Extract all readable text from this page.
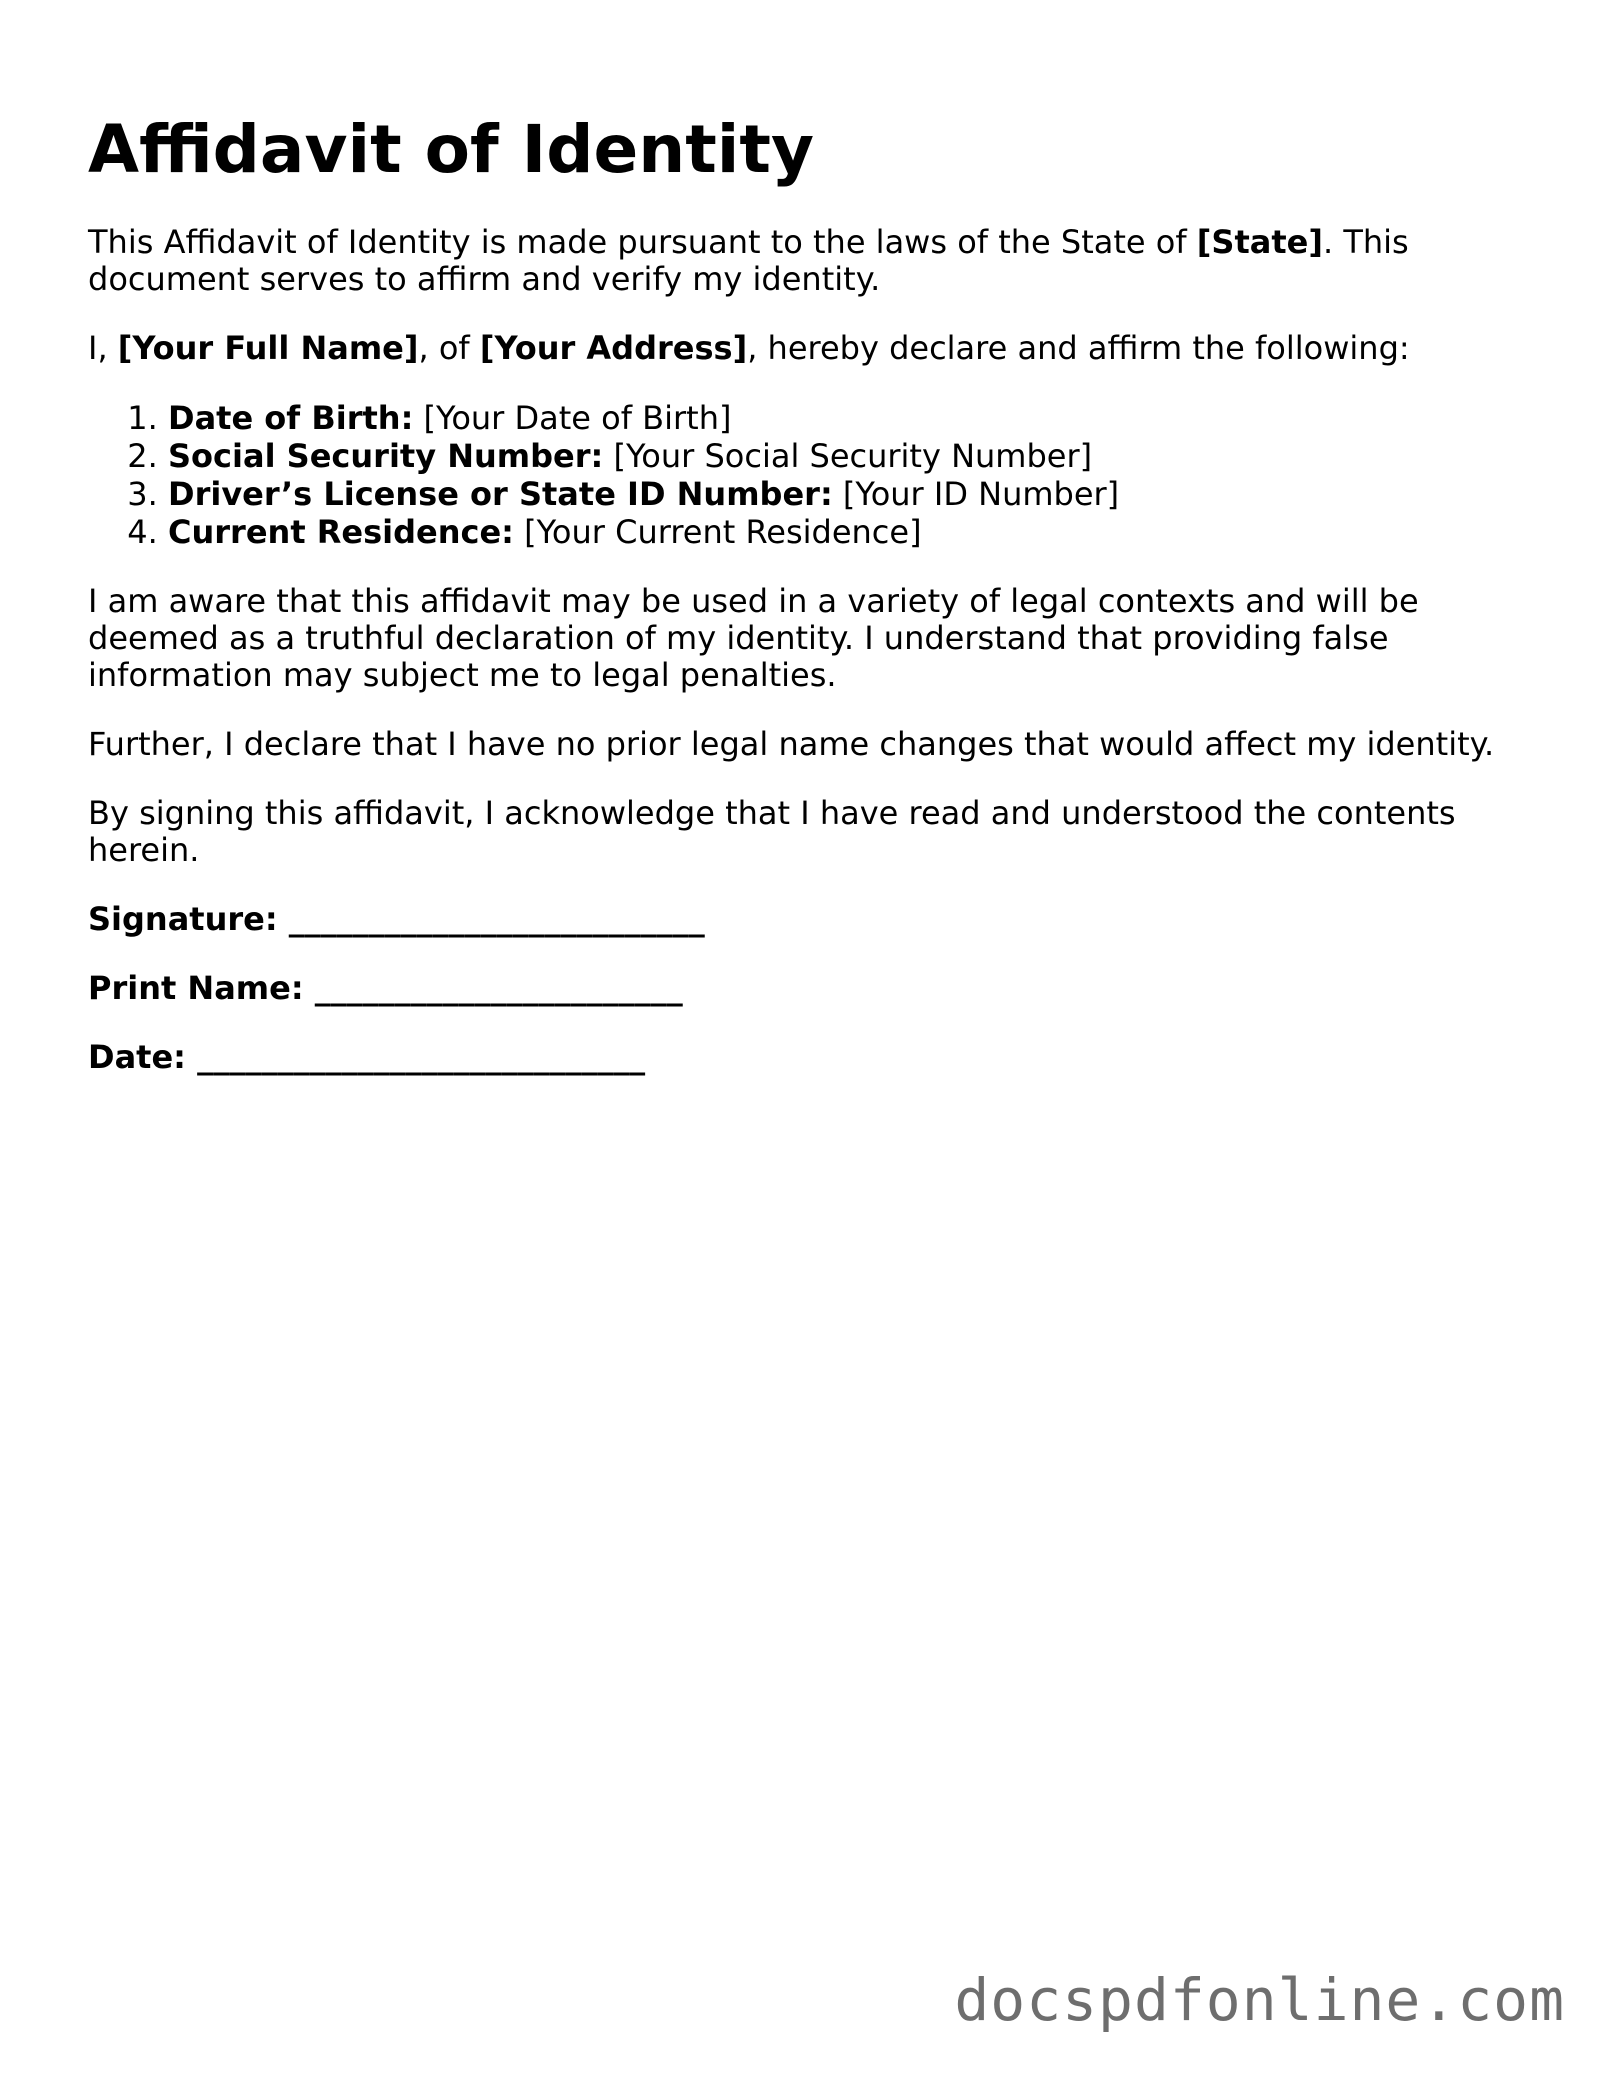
Affidavit of Identity

This Affidavit of Identity is made pursuant to the laws of the State of [State]. This document serves to affirm and verify my identity.

I, [Your Full Name], of [Your Address], hereby declare and affirm the following:

1. Date of Birth: [Your Date of Birth]
2. Social Security Number: [Your Social Security Number]
3. Driver’s License or State ID Number: [Your ID Number]
4. Current Residence: [Your Current Residence]

I am aware that this affidavit may be used in a variety of legal contexts and will be deemed as a truthful declaration of my identity. I understand that providing false information may subject me to legal penalties.

Further, I declare that I have no prior legal name changes that would affect my identity.

By signing this affidavit, I acknowledge that I have read and understood the contents herein.

Signature: __________________________
Print Name: _______________________
Date: ____________________________
docspdfonline.com
